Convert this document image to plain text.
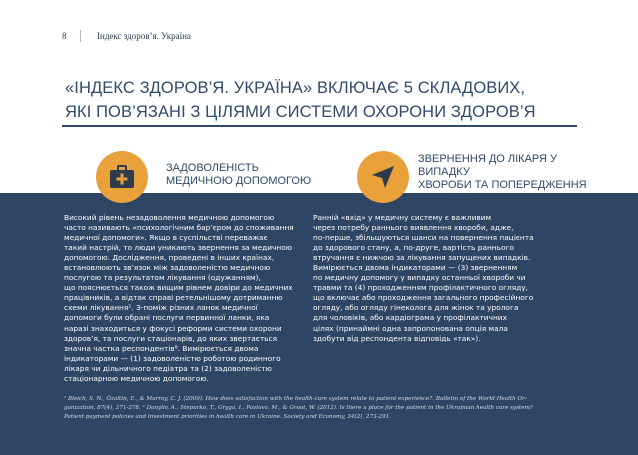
8	Індекс здоров’я. Україна
«ІНДЕКС ЗДОРОВ’Я. УКРАЇНА» ВКЛЮЧАЄ 5 СКЛАДОВИХ,
ЯКІ ПОВ’ЯЗАНІ З ЦІЛЯМИ СИСТЕМИ ОХОРОНИ ЗДОРОВ’Я
ЗАДОВОЛЕНІСТЬ
МЕДИЧНОЮ ДОПОМОГОЮ
ЗВЕРНЕННЯ ДО ЛІКАРЯ У ВИПАДКУ
ХВОРОБИ ТА ПОПЕРЕДЖЕННЯ
ХВОРОБИ
Високий рівень незадоволення медичною допомогою
часто називають «психологічним бар’єром до споживання
медичної допомоги». Якщо в суспільстві переважає
такий настрій, то люди уникають звернення за медичною
допомогою. Дослідження, проведені в інших країнах,
встановлюють зв’язок між задоволеністю медичною
послугою та результатом лікування (одужанням),
що пояснюється також вищим рівнем довіри до медичних
працівників, а відтак справі ретельнішому дотриманню
схеми лікування¹. З-поміж різних ланок медичної
допомоги були обрані послуги первинної ланки, яка
наразі знаходиться у фокусі реформи системи охорони
здоров’я, та послуги стаціонарів, до яких звертається
значна частка респондентів⁸. Вимірюється двома
індикаторами — (1) задоволеністю роботою родинного
лікаря чи дільничного педіатра та (2) задоволеністю
стаціонарною медичною допомогою.
Ранній «вхід» у медичну систему є важливим
через потребу раннього виявлення хвороби, адже,
по-перше, збільшуються шанси на повернення пацієнта
до здорового стану, а, по-друге, вартість раннього
втручання є нижчою за лікування запущених випадків.
Вимірюється двома індикаторами — (3) зверненням
по медичну допомогу у випадку останньої хвороби чи
травми та (4) проходженням профілактичного огляду,
що включає або проходження загального професійного
огляду, або огляду гінеколога для жінок та уролога
для чоловіків, або кардіограма у профілактичних
цілях (принаймні одна запропонована опція мала
здобути від респондента відповідь «так»).
¹ Bleich, S. N., Özaltin, E., & Murray, C. J. (2009). How does satisfaction with the health-care system relate to patient experience?. Bulletin of the World Health Or-
ganization, 87(4), 271-278. ² Danyliv, A., Stepurko, T., Gryga, I., Pavlova, M., & Groot, W. (2012). Is there a place for the patient in the Ukrainian health care system?
Patient payment policies and investment priorities in health care in Ukraine. Society and Economy, 34(2), 273-291.
